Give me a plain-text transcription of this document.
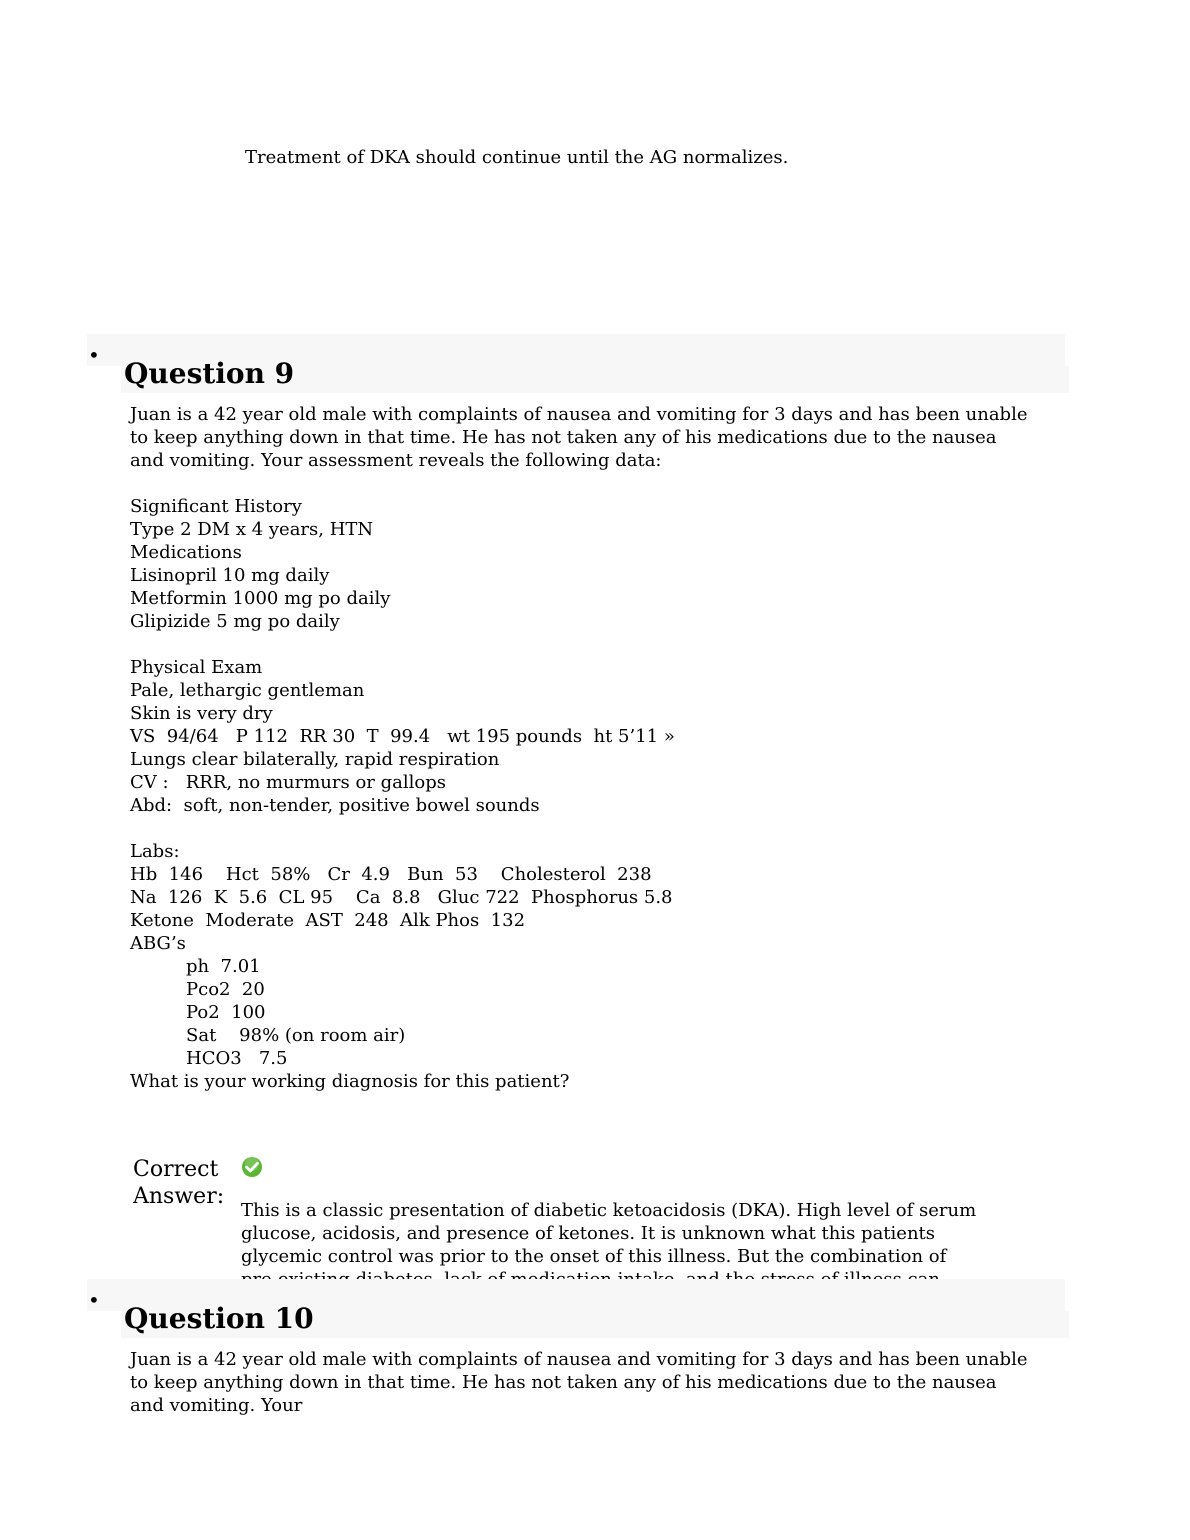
Treatment of DKA should continue until the AG normalizes.

•
Question 9
Juan is a 42 year old male with complaints of nausea and vomiting for 3 days and has been unable to keep anything down in that time. He has not taken any of his medications due to the nausea and vomiting. Your assessment reveals the following data:
Significant History
Type 2 DM x 4 years, HTN
Medications
Lisinopril 10 mg daily
Metformin 1000 mg po daily
Glipizide 5 mg po daily
Physical Exam
Pale, lethargic gentleman
Skin is very dry
VS  94/64   P 112  RR 30  T  99.4   wt 195 pounds  ht 5’11 »
Lungs clear bilaterally, rapid respiration
CV :   RRR, no murmurs or gallops
Abd:  soft, non-tender, positive bowel sounds
Labs:
Hb  146    Hct  58%   Cr  4.9   Bun  53    Cholesterol  238
Na  126  K  5.6  CL 95    Ca  8.8   Gluc 722  Phosphorus 5.8
Ketone  Moderate  AST  248  Alk Phos  132
ABG’s
ph  7.01
Pco2  20
Po2  100
Sat    98% (on room air)
HCO3   7.5
What is your working diagnosis for this patient?
Correct
Answer:

This is a classic presentation of diabetic ketoacidosis (DKA). High level of serum glucose, acidosis, and presence of ketones. It is unknown what this patients glycemic control was prior to the onset of this illness. But the combination of

•
Question 10
Juan is a 42 year old male with complaints of nausea and vomiting for 3 days and has been unable to keep anything down in that time. He has not taken any of his medications due to the nausea and vomiting. Your
